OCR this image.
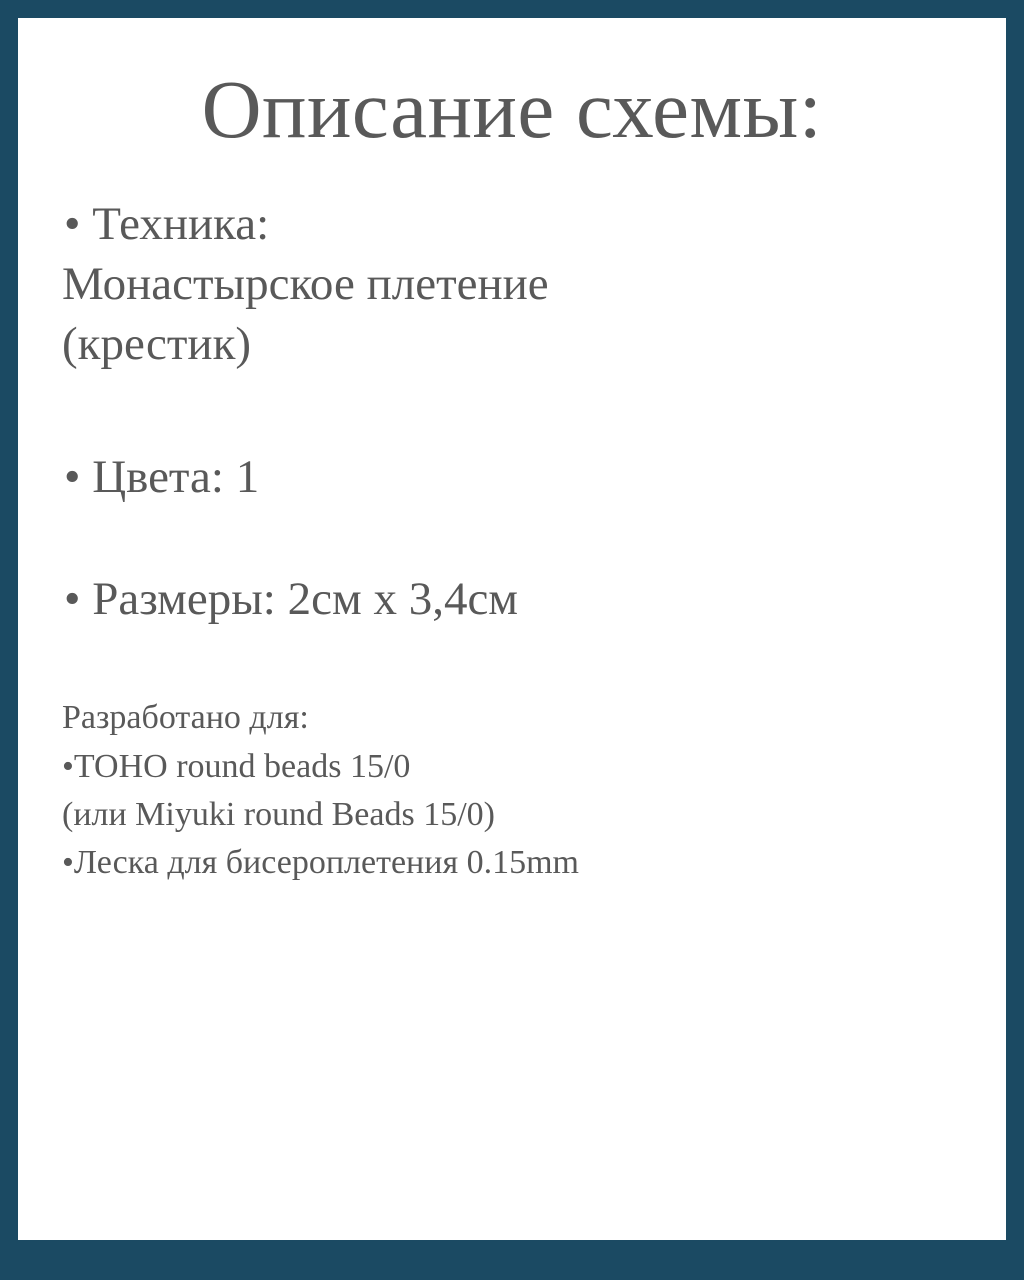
Описание схемы:
• Техника:
Монастырское плетение
(крестик)
• Цвета: 1
• Размеры: 2см х 3,4см
Разработано для:
•TOHO round beads 15/0
(или Miyuki round Beads 15/0)
•Леска для бисероплетения 0.15mm
